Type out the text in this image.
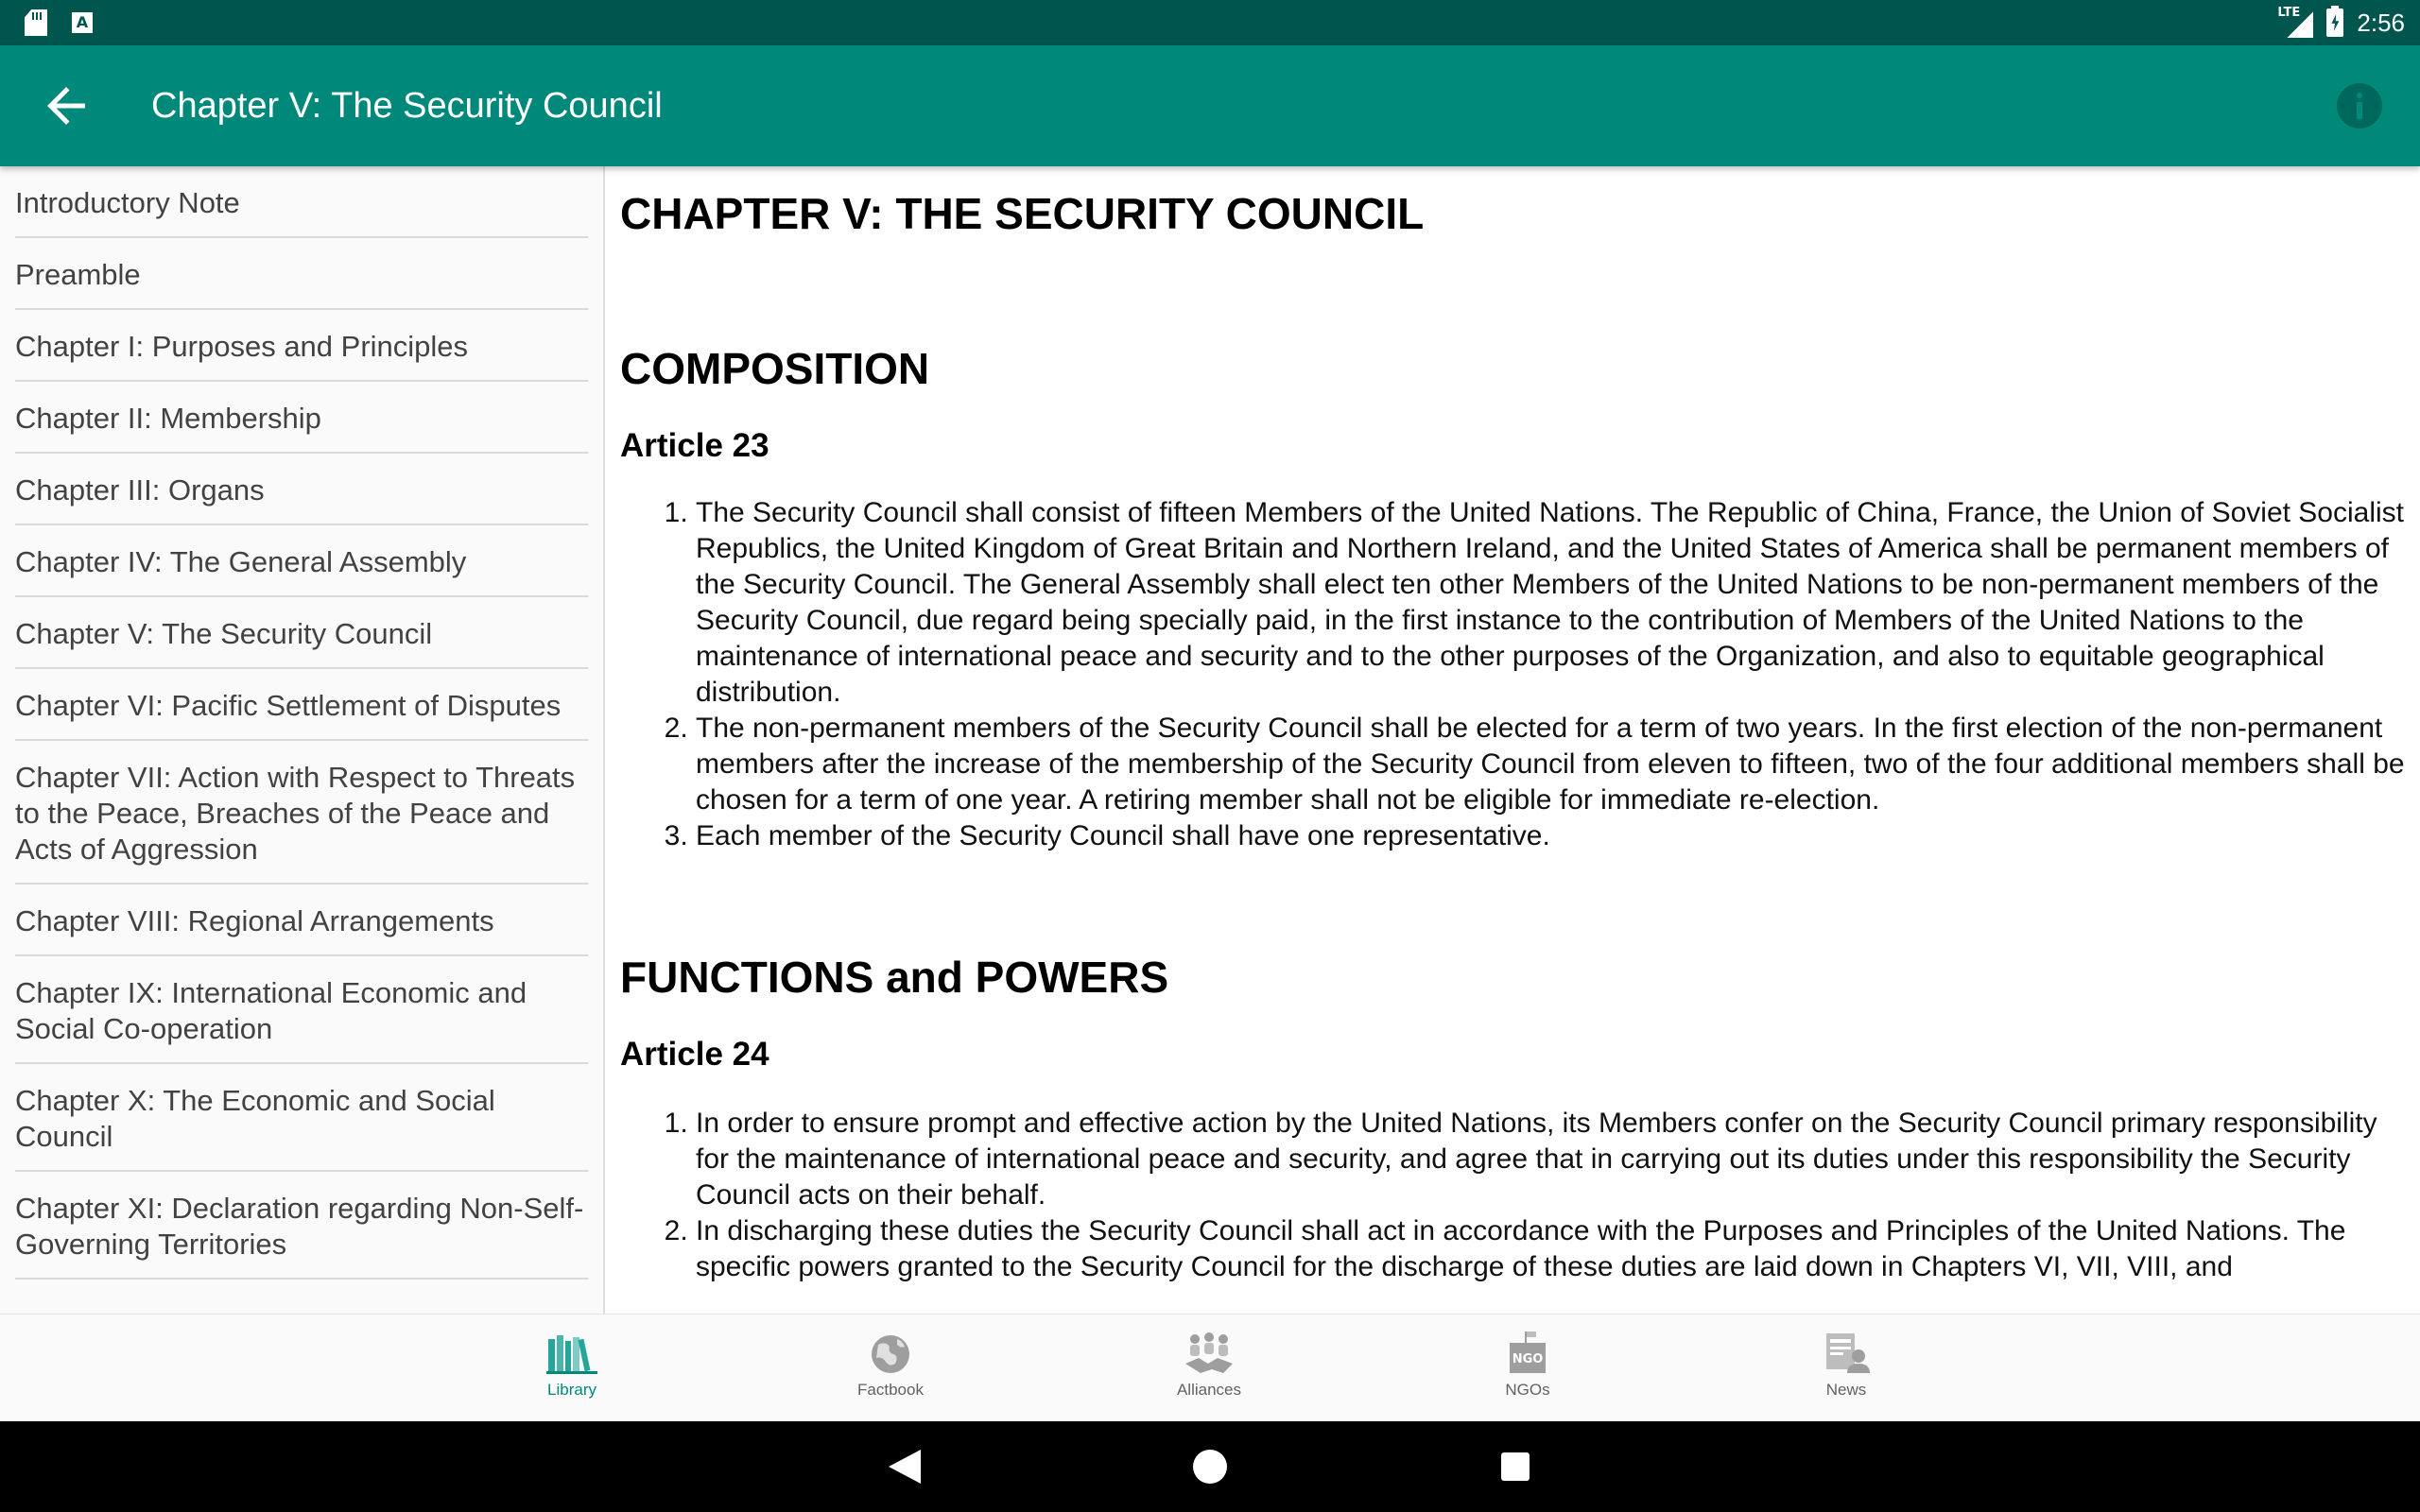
A
LTE 2:56
Chapter V: The Security Council
Introductory Note
Preamble
Chapter I: Purposes and Principles
Chapter II: Membership
Chapter III: Organs
Chapter IV: The General Assembly
Chapter V: The Security Council
Chapter VI: Pacific Settlement of Disputes
Chapter VII: Action with Respect to Threats to the Peace, Breaches of the Peace and Acts of Aggression
Chapter VIII: Regional Arrangements
Chapter IX: International Economic and Social Co-operation
Chapter X: The Economic and Social Council
Chapter XI: Declaration regarding Non-Self-Governing Territories
CHAPTER V: THE SECURITY COUNCIL
COMPOSITION
Article 23
1. The Security Council shall consist of fifteen Members of the United Nations. The Republic of China, France, the Union of Soviet Socialist Republics, the United Kingdom of Great Britain and Northern Ireland, and the United States of America shall be permanent members of the Security Council. The General Assembly shall elect ten other Members of the United Nations to be non-permanent members of the Security Council, due regard being specially paid, in the first instance to the contribution of Members of the United Nations to the maintenance of international peace and security and to the other purposes of the Organization, and also to equitable geographical distribution.
2. The non-permanent members of the Security Council shall be elected for a term of two years. In the first election of the non-permanent members after the increase of the membership of the Security Council from eleven to fifteen, two of the four additional members shall be chosen for a term of one year. A retiring member shall not be eligible for immediate re-election.
3. Each member of the Security Council shall have one representative.
FUNCTIONS and POWERS
Article 24
1. In order to ensure prompt and effective action by the United Nations, its Members confer on the Security Council primary responsibility for the maintenance of international peace and security, and agree that in carrying out its duties under this responsibility the Security Council acts on their behalf.
2. In discharging these duties the Security Council shall act in accordance with the Purposes and Principles of the United Nations. The specific powers granted to the Security Council for the discharge of these duties are laid down in Chapters VI, VII, VIII, and
Library	Factbook	Alliances
NGO
NGOs	News
